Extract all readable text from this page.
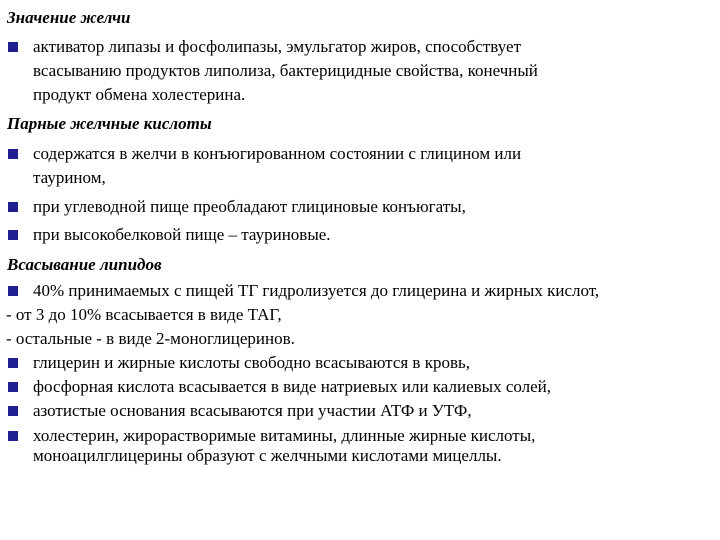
Значение желчи
активатор липазы и фосфолипазы, эмульгатор жиров, способствует
всасыванию продуктов липолиза, бактерицидные свойства, конечный
продукт обмена холестерина.
Парные желчные кислоты
содержатся в желчи в конъюгированном состоянии с глицином или
таурином,
при углеводной пище преобладают глициновые конъюгаты,
при высокобелковой пище – тауриновые.
Всасывание липидов
40% принимаемых с пищей ТГ гидролизуется до глицерина и жирных кислот,
- от 3 до 10% всасывается в виде ТАГ,
- остальные - в виде 2-моноглицеринов.
глицерин и жирные кислоты свободно всасываются в кровь,
фосфорная кислота всасывается в виде натриевых или калиевых солей,
азотистые основания всасываются при участии АТФ и УТФ,
холестерин, жирорастворимые витамины, длинные жирные кислоты,
моноацилглицерины образуют с желчными кислотами мицеллы.
